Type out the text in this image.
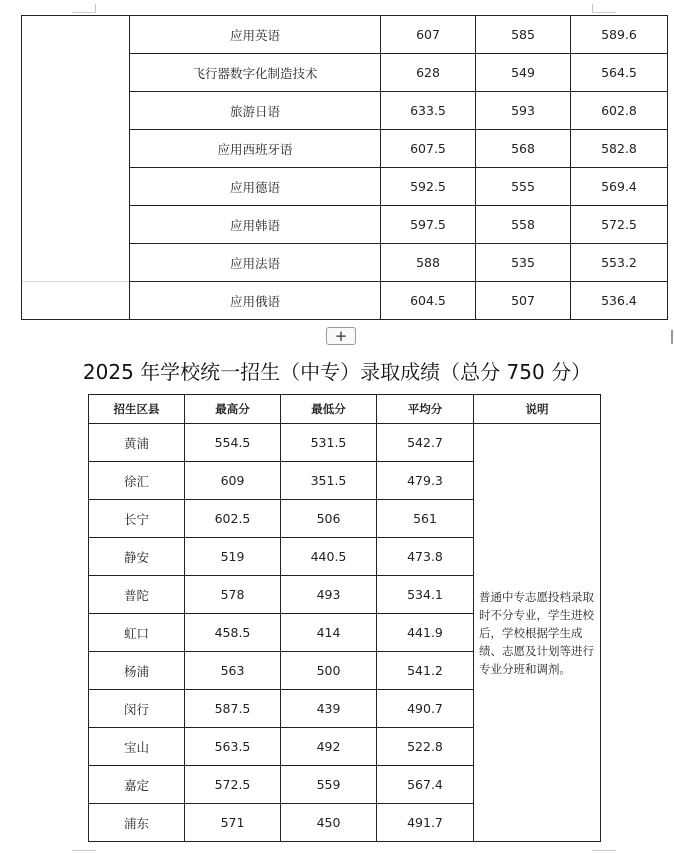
	应用英语	607	585	589.6
	飞行器数字化制造技术	628	549	564.5
	旅游日语	633.5	593	602.8
	应用西班牙语	607.5	568	582.8
	应用德语	592.5	555	569.4
	应用韩语	597.5	558	572.5
	应用法语	588	535	553.2
	应用俄语	604.5	507	536.4
+
2025 年学校统一招生（中专）录取成绩（总分 750 分）
招生区县	最高分	最低分	平均分	说明
黄浦	554.5	531.5	542.7	普通中专志愿投档录取时不分专业，学生进校后，学校根据学生成绩、志愿及计划等进行专业分班和调剂。
徐汇	609	351.5	479.3	
长宁	602.5	506	561	
静安	519	440.5	473.8	
普陀	578	493	534.1	
虹口	458.5	414	441.9	
杨浦	563	500	541.2	
闵行	587.5	439	490.7	
宝山	563.5	492	522.8	
嘉定	572.5	559	567.4	
浦东	571	450	491.7	
